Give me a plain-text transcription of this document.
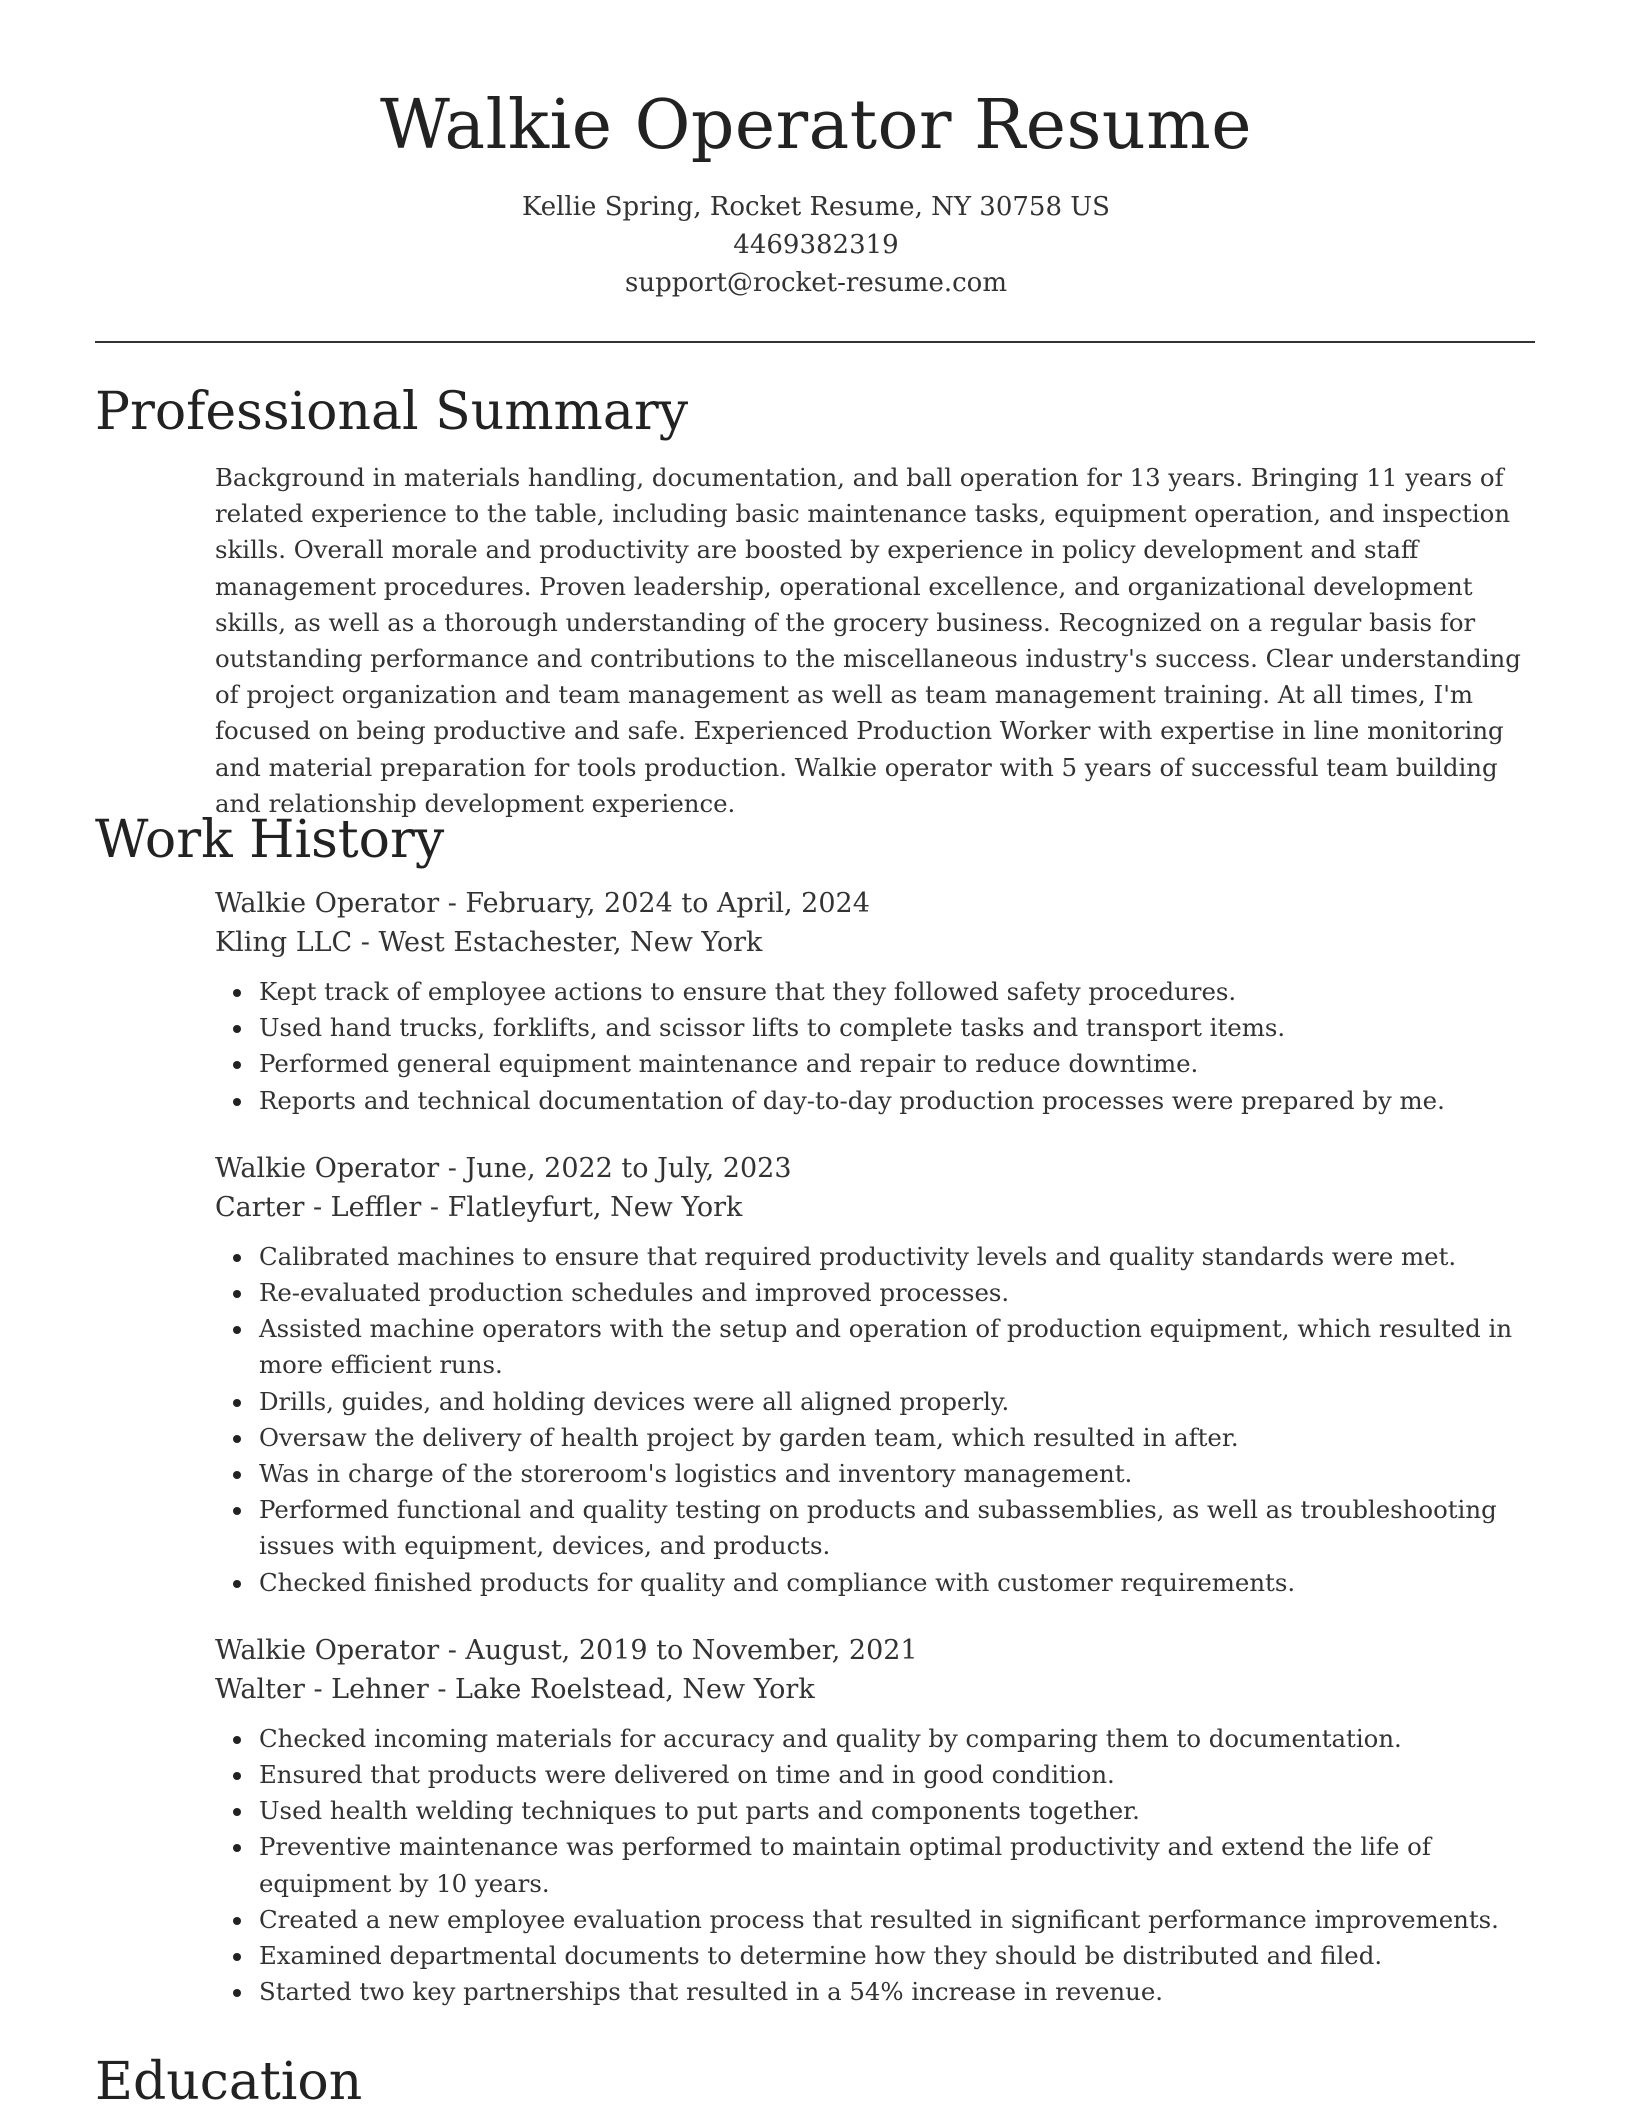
Walkie Operator Resume
Kellie Spring, Rocket Resume, NY 30758 US
4469382319
support@rocket-resume.com
Professional Summary

Background in materials handling, documentation, and ball operation for 13 years. Bringing 11 years of related experience to the table, including basic maintenance tasks, equipment operation, and inspection skills. Overall morale and productivity are boosted by experience in policy development and staff management procedures. Proven leadership, operational excellence, and organizational development skills, as well as a thorough understanding of the grocery business. Recognized on a regular basis for outstanding performance and contributions to the miscellaneous industry's success. Clear understanding of project organization and team management as well as team management training. At all times, I'm focused on being productive and safe. Experienced Production Worker with expertise in line monitoring and material preparation for tools production. Walkie operator with 5 years of successful team building and relationship development experience.

Work History
Walkie Operator - February, 2024 to April, 2024
Kling LLC - West Estachester, New York
Kept track of employee actions to ensure that they followed safety procedures.
Used hand trucks, forklifts, and scissor lifts to complete tasks and transport items.
Performed general equipment maintenance and repair to reduce downtime.
Reports and technical documentation of day-to-day production processes were prepared by me.
Walkie Operator - June, 2022 to July, 2023
Carter - Leffler - Flatleyfurt, New York
Calibrated machines to ensure that required productivity levels and quality standards were met.
Re-evaluated production schedules and improved processes.
Assisted machine operators with the setup and operation of production equipment, which resulted in more efficient runs.
Drills, guides, and holding devices were all aligned properly.
Oversaw the delivery of health project by garden team, which resulted in after.
Was in charge of the storeroom's logistics and inventory management.
Performed functional and quality testing on products and subassemblies, as well as troubleshooting issues with equipment, devices, and products.
Checked finished products for quality and compliance with customer requirements.
Walkie Operator - August, 2019 to November, 2021
Walter - Lehner - Lake Roelstead, New York
Checked incoming materials for accuracy and quality by comparing them to documentation.
Ensured that products were delivered on time and in good condition.
Used health welding techniques to put parts and components together.
Preventive maintenance was performed to maintain optimal productivity and extend the life of equipment by 10 years.
Created a new employee evaluation process that resulted in significant performance improvements.
Examined departmental documents to determine how they should be distributed and filed.
Started two key partnerships that resulted in a 54% increase in revenue.
Education
